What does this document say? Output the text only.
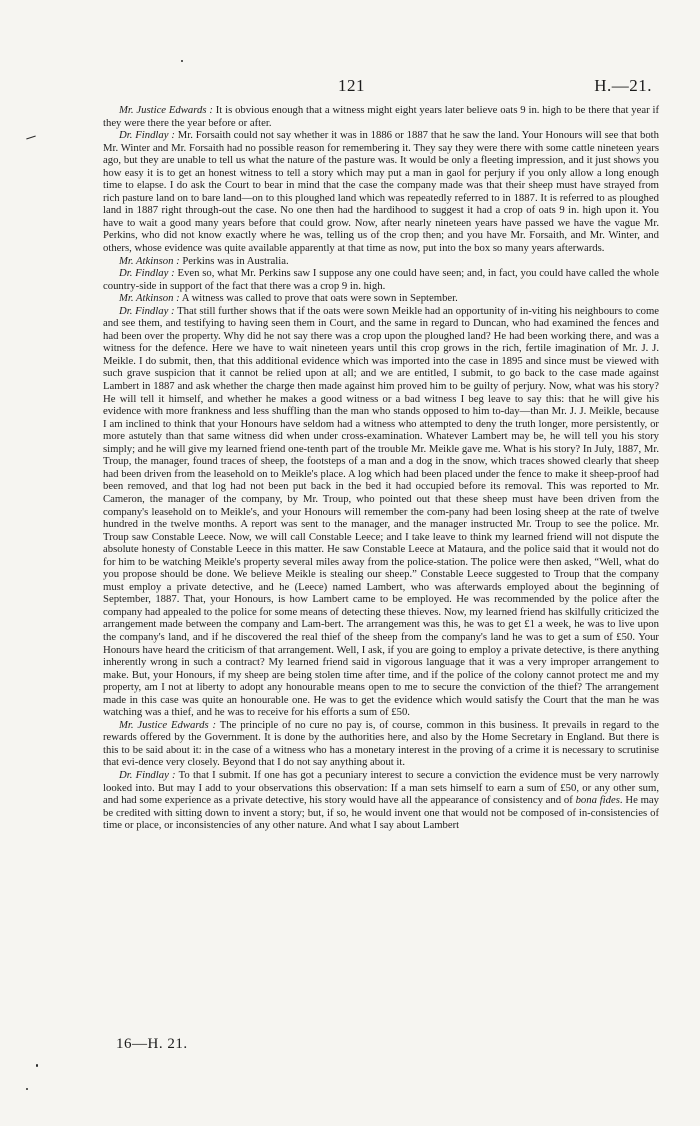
121	H.—21.

Mr. Justice Edwards : It is obvious enough that a witness might eight years later believe oats 9 in. high to be there that year if they were there the year before or after.

Dr. Findlay : Mr. Forsaith could not say whether it was in 1886 or 1887 that he saw the land. Your Honours will see that both Mr. Winter and Mr. Forsaith had no possible reason for remembering it. They say they were there with some cattle nineteen years ago, but they are unable to tell us what the nature of the pasture was. It would be only a fleeting impression, and it just shows you how easy it is to get an honest witness to tell a story which may put a man in gaol for perjury if you only allow a long enough time to elapse. I do ask the Court to bear in mind that the case the company made was that their sheep must have strayed from rich pasture land on to bare land—on to this ploughed land which was repeatedly referred to in 1887. It is referred to as ploughed land in 1887 right through-out the case. No one then had the hardihood to suggest it had a crop of oats 9 in. high upon it. You have to wait a good many years before that could grow. Now, after nearly nineteen years have passed we have the vague Mr. Perkins, who did not know exactly where he was, telling us of the crop then; and you have Mr. Forsaith, and Mr. Winter, and others, whose evidence was quite available apparently at that time as now, put into the box so many years afterwards.

Mr. Atkinson : Perkins was in Australia.

Dr. Findlay : Even so, what Mr. Perkins saw I suppose any one could have seen; and, in fact, you could have called the whole country-side in support of the fact that there was a crop 9 in. high.

Mr. Atkinson : A witness was called to prove that oats were sown in September.

Dr. Findlay : That still further shows that if the oats were sown Meikle had an opportunity of in-viting his neighbours to come and see them, and testifying to having seen them in Court, and the same in regard to Duncan, who had examined the fences and had been over the property. Why did he not say there was a crop upon the ploughed land? He had been working there, and was a witness for the defence. Here we have to wait nineteen years until this crop grows in the rich, fertile imagination of Mr. J. J. Meikle. I do submit, then, that this additional evidence which was imported into the case in 1895 and since must be viewed with such grave suspicion that it cannot be relied upon at all; and we are entitled, I submit, to go back to the case made against Lambert in 1887 and ask whether the charge then made against him proved him to be guilty of perjury. Now, what was his story? He will tell it himself, and whether he makes a good witness or a bad witness I beg leave to say this: that he will give his evidence with more frankness and less shuffling than the man who stands opposed to him to-day—than Mr. J. J. Meikle, because I am inclined to think that your Honours have seldom had a witness who attempted to deny the truth longer, more persistently, or more astutely than that same witness did when under cross-examination. Whatever Lambert may be, he will tell you his story simply; and he will give my learned friend one-tenth part of the trouble Mr. Meikle gave me. What is his story? In July, 1887, Mr. Troup, the manager, found traces of sheep, the footsteps of a man and a dog in the snow, which traces showed clearly that sheep had been driven from the leasehold on to Meikle's place. A log which had been placed under the fence to make it sheep-proof had been removed, and that log had not been put back in the bed it had occupied before its removal. This was reported to Mr. Cameron, the manager of the company, by Mr. Troup, who pointed out that these sheep must have been driven from the company's leasehold on to Meikle's, and your Honours will remember the com-pany had been losing sheep at the rate of twelve hundred in the twelve months. A report was sent to the manager, and the manager instructed Mr. Troup to see the police. Mr. Troup saw Constable Leece. Now, we will call Constable Leece; and I take leave to think my learned friend will not dispute the absolute honesty of Constable Leece in this matter. He saw Constable Leece at Mataura, and the police said that it would not do for him to be watching Meikle's property several miles away from the police-station. The police were then asked, “Well, what do you propose should be done. We believe Meikle is stealing our sheep.” Constable Leece suggested to Troup that the company must employ a private detective, and he (Leece) named Lambert, who was afterwards employed about the beginning of September, 1887. That, your Honours, is how Lambert came to be employed. He was recommended by the police after the company had appealed to the police for some means of detecting these thieves. Now, my learned friend has skilfully criticized the arrangement made between the company and Lam-bert. The arrangement was this, he was to get £1 a week, he was to live upon the company's land, and if he discovered the real thief of the sheep from the company's land he was to get a sum of £50. Your Honours have heard the criticism of that arrangement. Well, I ask, if you are going to employ a private detective, is there anything inherently wrong in such a contract? My learned friend said in vigorous language that it was a very improper arrangement to make. But, your Honours, if my sheep are being stolen time after time, and if the police of the colony cannot protect me and my property, am I not at liberty to adopt any honourable means open to me to secure the conviction of the thief? The arrangement made in this case was quite an honourable one. He was to get the evidence which would satisfy the Court that the man he was watching was a thief, and he was to receive for his efforts a sum of £50.

Mr. Justice Edwards : The principle of no cure no pay is, of course, common in this business. It prevails in regard to the rewards offered by the Government. It is done by the authorities here, and also by the Home Secretary in England. But there is this to be said about it: in the case of a witness who has a monetary interest in the proving of a crime it is necessary to scrutinise that evi-dence very closely. Beyond that I do not say anything about it.

Dr. Findlay : To that I submit. If one has got a pecuniary interest to secure a conviction the evidence must be very narrowly looked into. But may I add to your observations this observation: If a man sets himself to earn a sum of £50, or any other sum, and had some experience as a private detective, his story would have all the appearance of consistency and of bona fides. He may be credited with sitting down to invent a story; but, if so, he would invent one that would not be composed of in-consistencies of time or place, or inconsistencies of any other nature. And what I say about Lambert

16—H. 21.
